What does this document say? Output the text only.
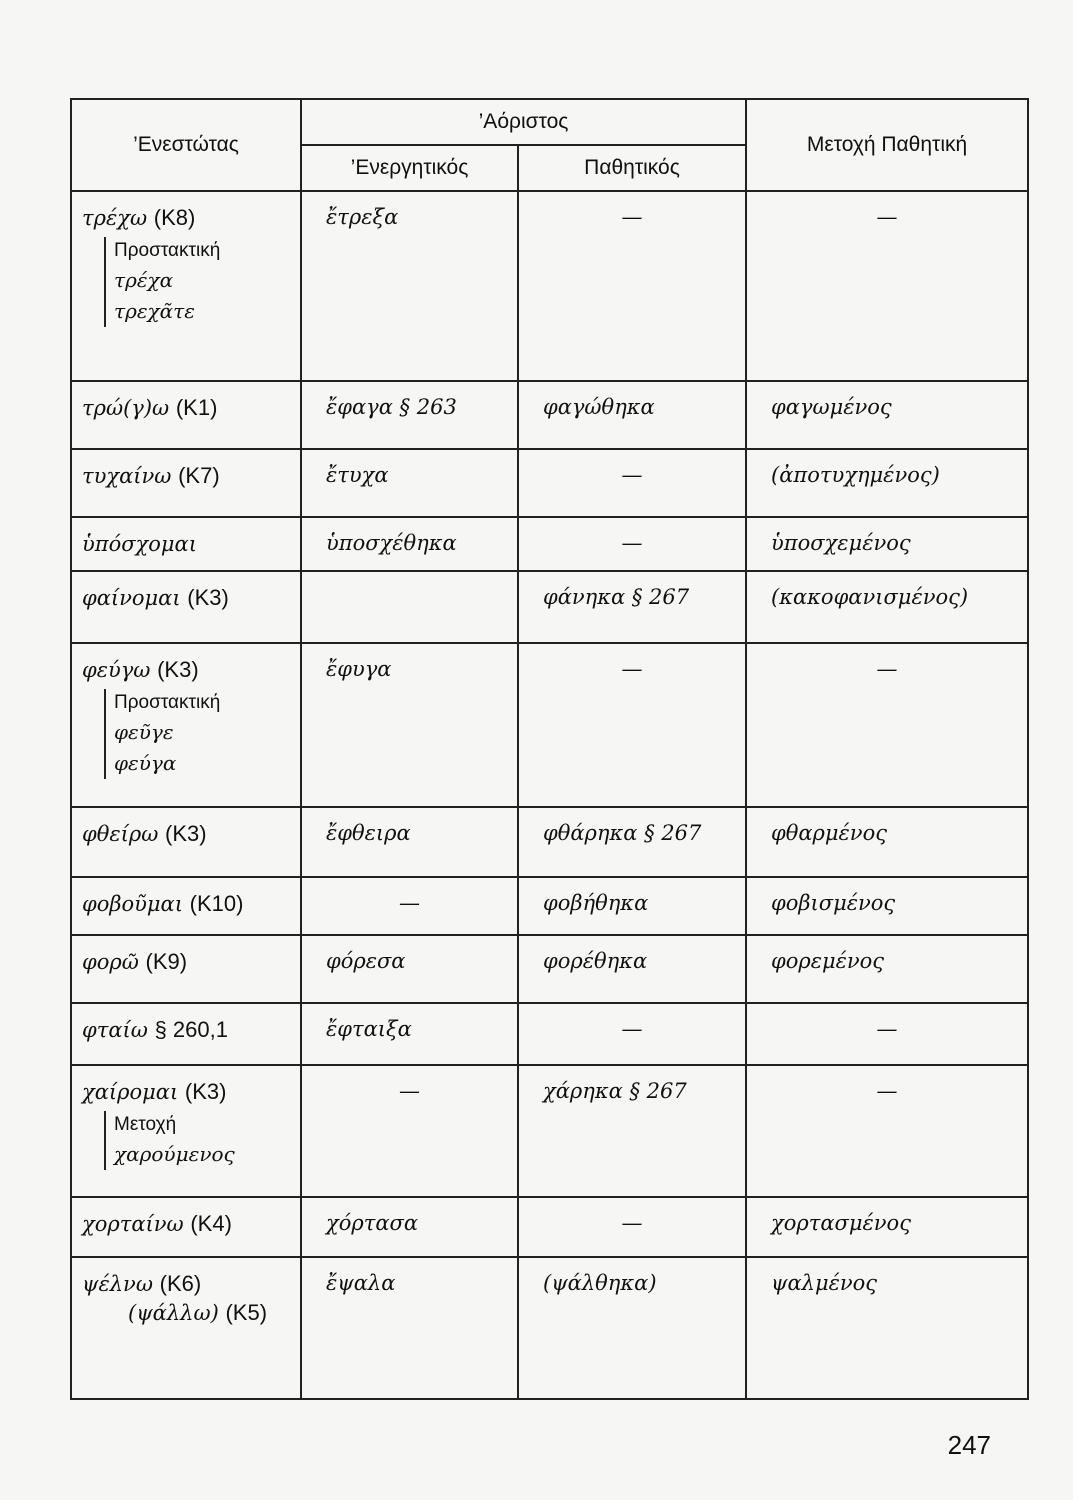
’Ενεστώτας	’Αόριστος		Μετοχή Παθητική
	’Ενεργητικός	Παθητικός	

τρέχω (Κ8)
Προστακτική
τρέχα
τρεχᾶτε	ἔτρεξα	—	—

τρώ(γ)ω (Κ1)	ἔφαγα § 263	φαγώθηκα	φαγωμένος

τυχαίνω (Κ7)	ἔτυχα	—	(ἀποτυχημένος)

ὑπόσχομαι	ὑποσχέθηκα	—	ὑποσχεμένος

φαίνομαι (Κ3)		φάνηκα § 267	(κακοφανισμένος)

φεύγω (Κ3)
Προστακτική
φεῦγε
φεύγα	ἔφυγα	—	—

φθείρω (Κ3)	ἔφθειρα	φθάρηκα § 267	φθαρμένος

φοβοῦμαι (Κ10)	—	φοβήθηκα	φοβισμένος

φορῶ (Κ9)	φόρεσα	φορέθηκα	φορεμένος

φταίω § 260,1	ἔφταιξα	—	—

χαίρομαι (Κ3)
Μετοχή
χαρούμενος	—	χάρηκα § 267	—

χορταίνω (Κ4)	χόρτασα	—	χορτασμένος

ψέλνω (Κ6)
(ψάλλω) (Κ5)	ἔψαλα	(ψάλθηκα)	ψαλμένος
247
